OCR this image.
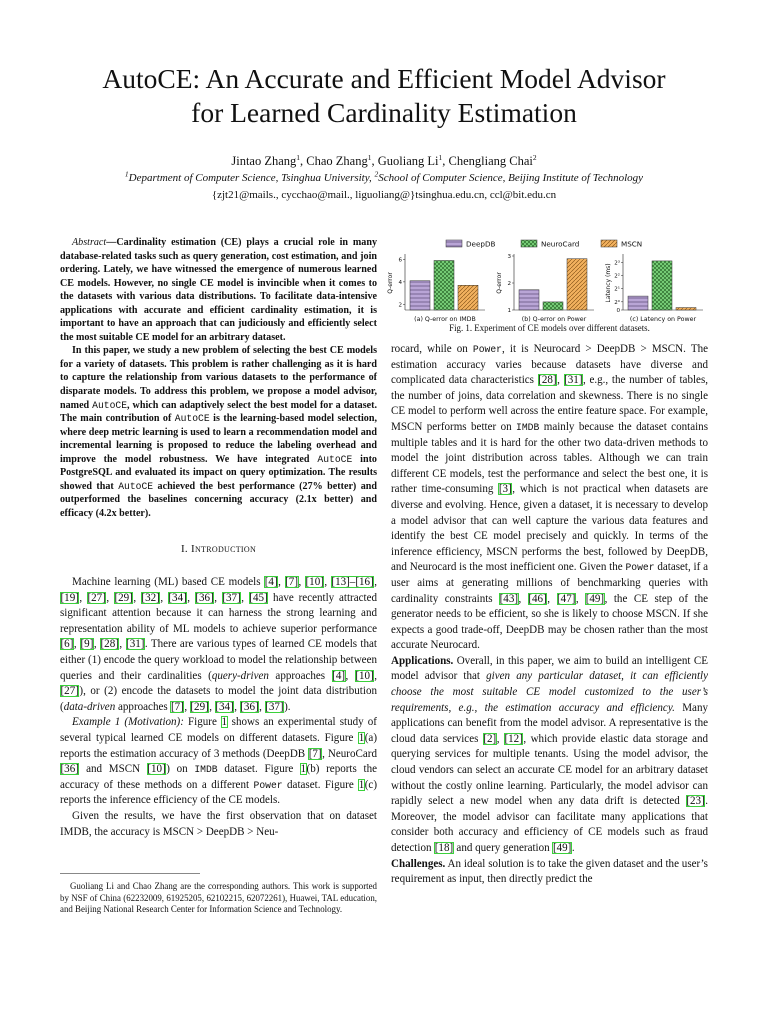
AutoCE: An Accurate and Efficient Model Advisor
for Learned Cardinality Estimation
Jintao Zhang$^1$, Chao Zhang$^1$, Guoliang Li$^1$, Chengliang Chai$^2$
$^1$Department of Computer Science, Tsinghua University, $^2$School of Computer Science, Beijing Institute of Technology
{zjt21@mails., cycchao@mail., liguoliang@}tsinghua.edu.cn, ccl@bit.edu.cn

Abstract—Cardinality estimation (CE) plays a crucial role in many database-related tasks such as query generation, cost estimation, and join ordering. Lately, we have witnessed the emergence of numerous learned CE models. However, no single CE model is invincible when it comes to the datasets with various data distributions. To facilitate data-intensive applications with accurate and efficient cardinality estimation, it is important to have an approach that can judiciously and efficiently select the most suitable CE model for an arbitrary dataset.

In this paper, we study a new problem of selecting the best CE models for a variety of datasets. This problem is rather challenging as it is hard to capture the relationship from various datasets to the performance of disparate models. To address this problem, we propose a model advisor, named AutoCE, which can adaptively select the best model for a dataset. The main contribution of AutoCE is the learning-based model selection, where deep metric learning is used to learn a recommendation model and incremental learning is proposed to reduce the labeling overhead and improve the model robustness. We have integrated AutoCE into PostgreSQL and evaluated its impact on query optimization. The results showed that AutoCE achieved the best performance (27% better) and outperformed the baselines concerning accuracy (2.1x better) and efficacy (4.2x better).

I. Introduction

Machine learning (ML) based CE models [4], [7], [10], [13]–[16], [19], [27], [29], [32], [34], [36], [37], [45] have recently attracted significant attention because it can harness the strong learning and representation ability of ML models to achieve superior performance [6], [9], [28], [31]. There are various types of learned CE models that either (1) encode the query workload to model the relationship between queries and their cardinalities (query-driven approaches [4], [10], [27]), or (2) encode the datasets to model the joint data distribution (data-driven approaches [7], [29], [34], [36], [37]).

Example 1 (Motivation): Figure 1 shows an experimental study of several typical learned CE models on different datasets. Figure 1(a) reports the estimation accuracy of 3 methods (DeepDB [7], NeuroCard [36] and MSCN [10]) on IMDB dataset. Figure 1(b) reports the accuracy of these methods on a different Power dataset. Figure 1(c) reports the inference efficiency of the CE models.

Given the results, we have the first observation that on dataset IMDB, the accuracy is MSCN > DeepDB > Neu-

Guoliang Li and Chao Zhang are the corresponding authors. This work is supported by NSF of China (62232009, 61925205, 62102215, 62072261), Huawei, TAL education, and Beijing National Research Center for Information Science and Technology.

DeepDB	NeuroCard	MSCN
Q-error
2
4
6
(a) Q-error on IMDB
Q-error
1
2
3
(b) Q-error on Power
Latency (ms)
0
2⁰
2¹
2²
2³
(c) Latency on Power
Fig. 1. Experiment of CE models over different datasets.

rocard, while on Power, it is Neurocard > DeepDB > MSCN. The estimation accuracy varies because datasets have diverse and complicated data characteristics [28], [31], e.g., the number of tables, the number of joins, data correlation and skewness. There is no single CE model to perform well across the entire feature space. For example, MSCN performs better on IMDB mainly because the dataset contains multiple tables and it is hard for the other two data-driven methods to model the joint distribution across tables. Although we can train different CE models, test the performance and select the best one, it is rather time-consuming [3], which is not practical when datasets are diverse and evolving. Hence, given a dataset, it is necessary to develop a model advisor that can well capture the various data features and identify the best CE model precisely and quickly. In terms of the inference efficiency, MSCN performs the best, followed by DeepDB, and Neurocard is the most inefficient one. Given the Power dataset, if a user aims at generating millions of benchmarking queries with cardinality constraints [43], [46], [47], [49], the CE step of the generator needs to be efficient, so she is likely to choose MSCN. If she expects a good trade-off, DeepDB may be chosen rather than the most accurate Neurocard.

Applications. Overall, in this paper, we aim to build an intelligent CE model advisor that given any particular dataset, it can efficiently choose the most suitable CE model customized to the user’s requirements, e.g., the estimation accuracy and efficiency. Many applications can benefit from the model advisor. A representative is the cloud data services [2], [12], which provide elastic data storage and querying services for multiple tenants. Using the model advisor, the cloud vendors can select an accurate CE model for an arbitrary dataset without the costly online learning. Particularly, the model advisor can rapidly select a new model when any data drift is detected [23]. Moreover, the model advisor can facilitate many applications that consider both accuracy and efficiency of CE models such as fraud detection [18] and query generation [49].

Challenges. An ideal solution is to take the given dataset and the user’s requirement as input, then directly predict the
